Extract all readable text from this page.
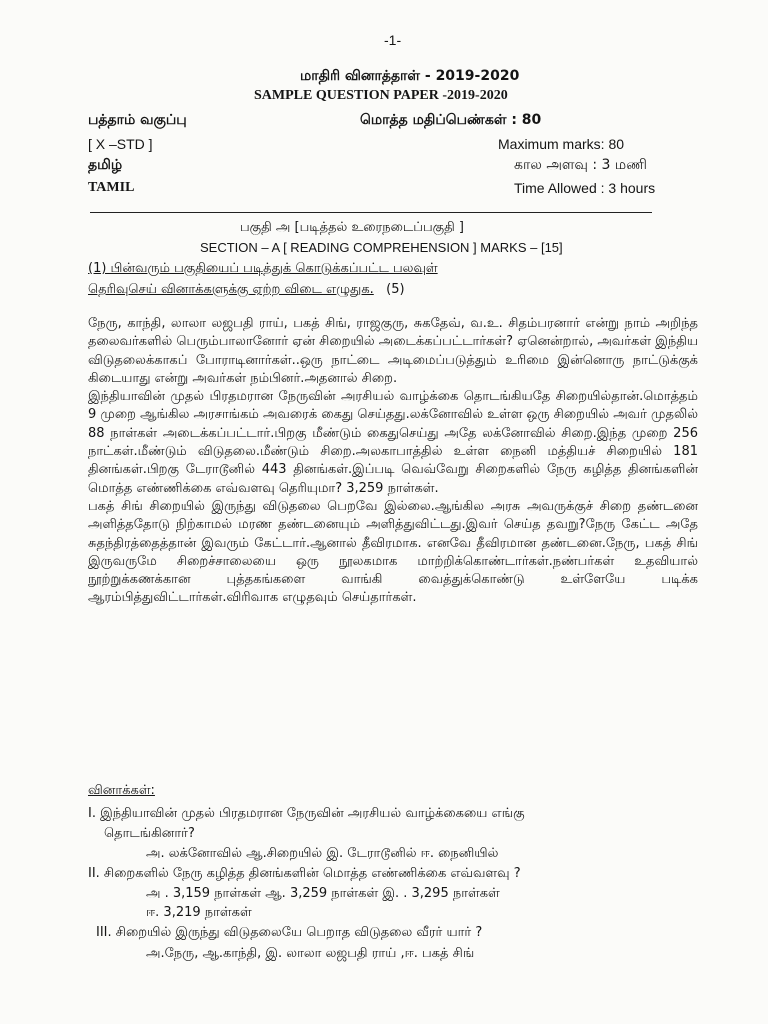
-1-
மாதிரி வினாத்தாள் - 2019-2020
SAMPLE QUESTION PAPER -2019-2020
பத்தாம் வகுப்பு
[ X –STD ]
தமிழ்
TAMIL
மொத்த மதிப்பெண்கள் : 80
Maximum marks: 80
கால அளவு : 3 மணி
Time Allowed : 3 hours
பகுதி அ [படித்தல் உரைநடைப்பகுதி ]
SECTION – A [ READING COMPREHENSION ] MARKS – [15]
(1) பின்வரும் பகுதியைப் படித்துக் கொடுக்கப்பட்ட பலவுள்
தெரிவுசெய் வினாக்களுக்கு ஏற்ற விடை எழுதுக. (5)

நேரு, காந்தி, லாலா லஜபதி ராய், பகத் சிங், ராஜகுரு, சுகதேவ், வ.உ. சிதம்பரனார் என்று நாம் அறிந்த தலைவர்களில் பெரும்பாலானோர் ஏன் சிறையில் அடைக்கப்பட்டார்கள்? ஏனென்றால், அவர்கள் இந்திய விடுதலைக்காகப் போராடினார்கள்..ஒரு நாட்டை அடிமைப்படுத்தும் உரிமை இன்னொரு நாட்டுக்குக் கிடையாது என்று அவர்கள் நம்பினர்.அதனால் சிறை.

இந்தியாவின் முதல் பிரதமரான நேருவின் அரசியல் வாழ்க்கை தொடங்கியதே சிறையில்தான்.மொத்தம் 9 முறை ஆங்கில அரசாங்கம் அவரைக் கைது செய்தது.லக்னோவில் உள்ள ஒரு சிறையில் அவர் முதலில் 88 நாள்கள் அடைக்கப்பட்டார்.பிறகு மீண்டும் கைதுசெய்து அதே லக்னோவில் சிறை.இந்த முறை 256 நாட்கள்.மீண்டும் விடுதலை.மீண்டும் சிறை.அலகாபாத்தில் உள்ள நைனி மத்தியச் சிறையில் 181 தினங்கள்.பிறகு டேராடூனில் 443 தினங்கள்.இப்படி வெவ்வேறு சிறைகளில் நேரு கழித்த தினங்களின் மொத்த எண்ணிக்கை எவ்வளவு தெரியுமா? 3,259 நாள்கள்.

பகத் சிங் சிறையில் இருந்து விடுதலை பெறவே இல்லை.ஆங்கில அரசு அவருக்குச் சிறை தண்டனை அளித்ததோடு நிற்காமல் மரண தண்டனையும் அளித்துவிட்டது.இவர் செய்த தவறு?நேரு கேட்ட அதே சுதந்திரத்தைத்தான் இவரும் கேட்டார்.ஆனால் தீவிரமாக. எனவே தீவிரமான தண்டனை.நேரு, பகத் சிங் இருவருமே சிறைச்சாலையை ஒரு நூலகமாக மாற்றிக்கொண்டார்கள்.நண்பர்கள் உதவியால் நூற்றுக்கணக்கான புத்தகங்களை வாங்கி வைத்துக்கொண்டு உள்ளேயே படிக்க ஆரம்பித்துவிட்டார்கள்.விரிவாக எழுதவும் செய்தார்கள்.

வினாக்கள்:
I. இந்தியாவின் முதல் பிரதமரான நேருவின் அரசியல் வாழ்க்கையை எங்கு
தொடங்கினார்?
அ. லக்னோவில் ஆ.சிறையில் இ. டேராடூனில் ஈ. நைனியில்
II. சிறைகளில் நேரு கழித்த தினங்களின் மொத்த எண்ணிக்கை எவ்வளவு ?
அ . 3,159 நாள்கள் ஆ. 3,259 நாள்கள் இ. . 3,295 நாள்கள்
ஈ. 3,219 நாள்கள்
III. சிறையில் இருந்து விடுதலையே பெறாத விடுதலை வீரர் யார் ?
அ.நேரு, ஆ.காந்தி, இ. லாலா லஜபதி ராய் ,ஈ. பகத் சிங்
